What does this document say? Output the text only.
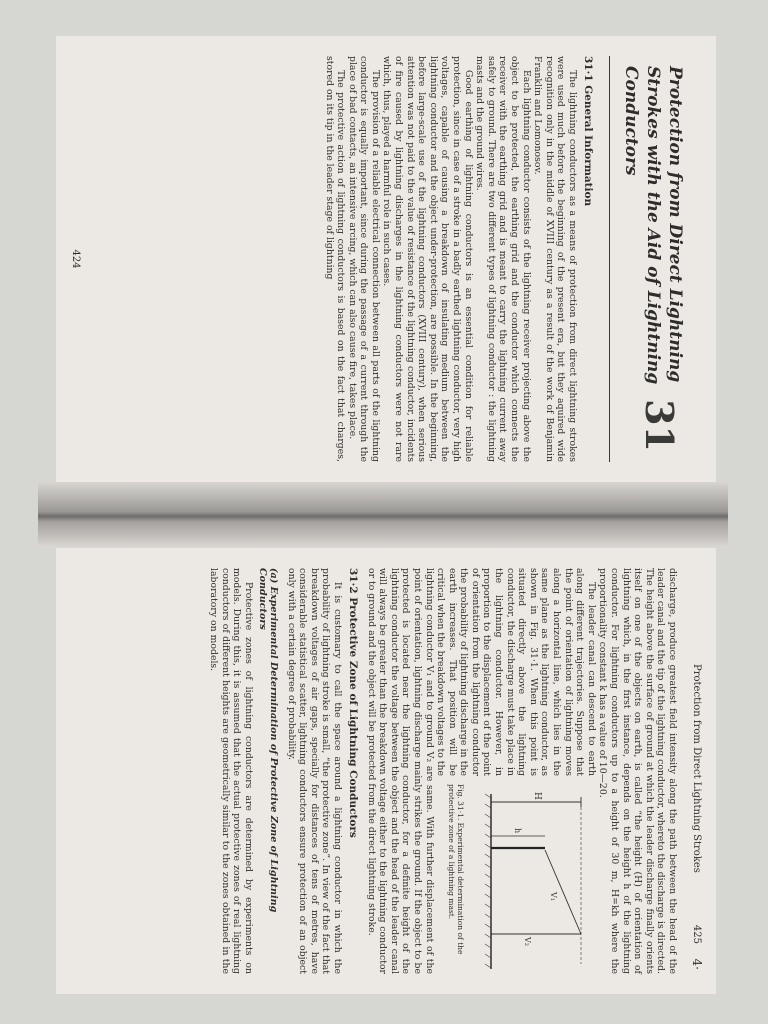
31
Protection from Direct Lightning Strokes with the Aid of Lightning Conductors

31·1 General Information

The lightning conductors as a means of protection from direct lightning strokes were used much before the beginning of the present era, but they aquired wide recognition only in the middle of XVIII century as a result of the work of Benjamin Franklin and Lomonosov.

Each lightning conductor consists of the lightning receiver projecting above the object to be protected, the earthing grid and the conductor which connects the receiver with the earthing grid and is meant to carry the lightning current away safely to ground. There are two different types of lightning conductor : the lightning masts and the ground wires.

Good earthing of lightning conductors is an essential condition for reliable protection, since in case of a stroke in a badly earthed lightning conductor, very high voltages, capable of causing a breakdown of insulating medium between the lightning conductor and the object under-protection, are possible. In the beginning, before large-scale use of the lightning conductors (XVIII century), when serious attention was not paid to the value of resistance of the lightning conductor, incidents of fire caused by lightning discharges in the lightning conductors were not rare which, thus, played a harmful role in such cases.

The provision of a reliable electrical connection between all parts of the lightning conductor is equally important, since during the passage of a current through the place of bad contacts, an intensive arcing, which can also cause fire, takes place.

The protective action of lightning conductors is based on the fact that charges, stored on its tip in the leader stage of lightning

424
Protection from Direct Lightning Strokes
425
4·

discharge, produce greatest field intensity along the path between the head of the leader canal and the tip of the lightning conductor, whereto the discharge is directed. The height above the surface of ground at which the leader discharge finally orients itself on one of the objects on earth, is called “the height (H) of orientation of lightning which, in the first instance, depends on the height h of the lightning conductor. For lightning conductors up to a height of 30 m, H=kh where the proportionality constant k has a value of 10—20.

H
h
V₁
V₂
Fig. 31·1. Experimental determination of the protective zone of a lightning mast.

The leader canal can descend to earth along different trajectories. Suppose that the point of orientation of lightning moves along a horizontal line, which lies in the same plane as the lightning conductor, as shown in Fig. 31·1. When this point is situated directly above the lightning conductor, the discharge must take place in the lightning conductor. However, in proportion to the displacement of the point of orientation from the lightning conductor the probability of lightning discharge in the earth increases. That position will be critical when the breakdown voltages to the lightning conductor V₁ and to ground V₂ are same. With further displacement of the point of orientation, lightning discharge mainly strikes the ground. If the object to be protected is located near the lightning conductor, for a definite height of the lightning conductor the voltage between the object and the head of the leader canal will always be greater than the breakdown voltage either to the lightning conductor or to ground and the object will be protected from the direct lightning stroke.

31·2 Protective Zone of Lightning Conductors

It is customary to call the space around a lightning conductor in which the probability of lightning stroke is small, “the protective zone”. In view of the fact that breakdown voltages of air gaps, specially for distances of tens of metres, have considerable statistical scatter, lightning conductors ensure protection of an object only with a certain degree of probability.

(a) Experimental Determination of Protective Zone of Lightning Conductors

Protective zones of lightning conductors are determined by experiments on models. During this, it is assumed that the actual protective zones of real lightning conductors of different heights are geometrically similar to the zones obtained in the laboratory on models.
